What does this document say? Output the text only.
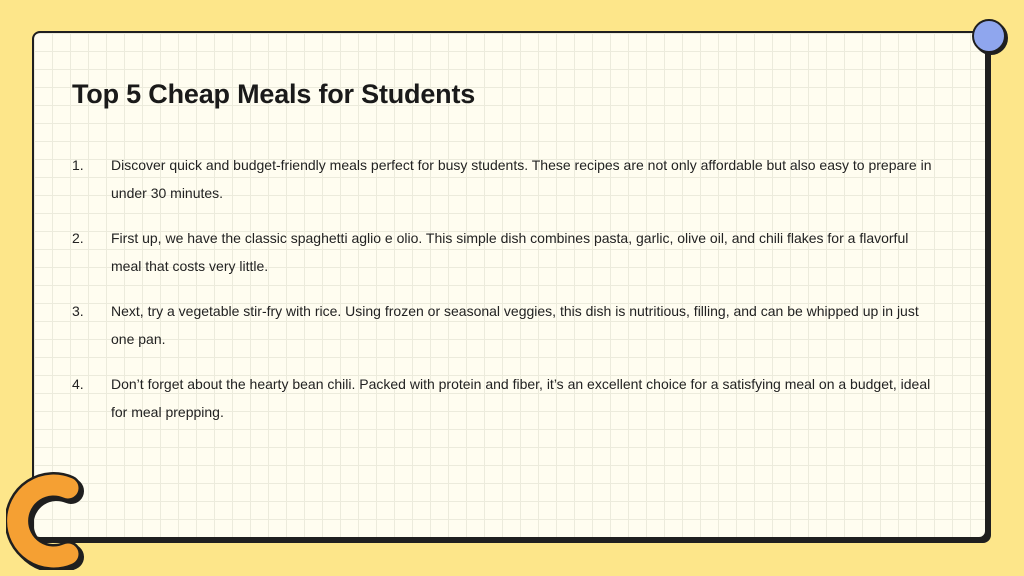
Top 5 Cheap Meals for Students
1.	Discover quick and budget-friendly meals perfect for busy students. These recipes are not only affordable but also easy to prepare in under 30 minutes.
2.	First up, we have the classic spaghetti aglio e olio. This simple dish combines pasta, garlic, olive oil, and chili flakes for a flavorful meal that costs very little.
3.	Next, try a vegetable stir-fry with rice. Using frozen or seasonal veggies, this dish is nutritious, filling, and can be whipped up in just one pan.
4.	Don’t forget about the hearty bean chili. Packed with protein and fiber, it’s an excellent choice for a satisfying meal on a budget, ideal for meal prepping.
